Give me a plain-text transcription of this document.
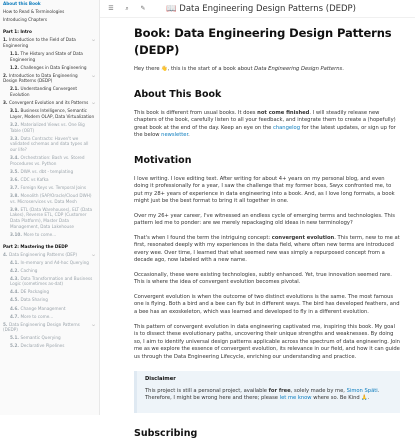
About this Book
How to Read & Terminologies
Introducing Chapters
Part 1: Intro
1. Introduction to the Field of Data Engineering
⌵
1.1. The History and State of Data Engineering
1.2. Challenges in Data Engineering
2. Introduction to Data Engineering Design Patterns (DEDP)
⌵
2.1. Understanding Convergent Evolution
3. Convergent Evolution and its Patterns ⌵
3.1. Business Intelligence, Semantic Layer, Modern OLAP, Data Virtualization
3.2. Materialized Views vs. One Big Table (OBT)
3.3. Data Contracts: Haven't we validated schemas and data types all our life?
3.4. Orchestration: Bash vs. Stored Procedures vs. Python
3.5. DWA vs. dbt - templating
3.6. CDC vs Kafka
3.7. Foreign Keys vs. Temporal Joins
3.8. Monolith (SAP/Oracle/Cloud DWH) vs. Microservices vs. Data Mesh
3.9. ETL (Data Warehouses), ELT (Data Lakes), Reverse ETL, CDP (Customer Data Platform), Master Data Management, Data Lakehouse
3.10. More to come...
Part 2: Mastering the DEDP
4. Data Engineering Patterns (DEP)	⌵
4.1. In-memory and Ad-hoc Querying
4.2. Caching
4.3. Data Transformation and Business Logic (sometimes as-dat)
4.4. DE Packaging
4.5. Data Sharing
4.6. Change Management
4.7. More to come...
5. Data Engineering Design Patterns (DEDP)
⌵
5.1. Semantic Querying
5.2. Declarative Pipelines
☰	⌕	✎	📖 Data Engineering Design Patterns (DEDP)
Book: Data Engineering Design Patterns (DEDP)

Hey there 👋, this is the start of a book about Data Engineering Design Patterns.

About This Book

This book is different from usual books. It does not come finished. I will steadily release new chapters of the book, carefully listen to all your feedback, and integrate them to create a (hopefully) great book at the end of the day. Keep an eye on the changelog for the latest updates, or sign up for the below newsletter.

Motivation

I love writing. I love editing text. After writing for about 4+ years on my personal blog, and even doing it professionally for a year, I saw the challenge that my former boss, Swyx confronted me, to put my 28+ years of experience in data engineering into a book. And, as I love long formats, a book might just be the best format to bring it all together in one.

Over my 26+ year career, I've witnessed an endless cycle of emerging terms and technologies. This pattern led me to ponder: are we merely repackaging old ideas in new terminology?

That's when I found the term the intriguing concept: convergent evolution. This term, new to me at first, resonated deeply with my experiences in the data field, where often new terms are introduced every wee. Over time, I learned that what seemed new was simply a repurposed concept from a decade ago, now labeled with a new name.

Occasionally, these were existing technologies, subtly enhanced. Yet, true innovation seemed rare. This is where the idea of convergent evolution becomes pivotal.

Convergent evolution is when the outcome of two distinct evolutions is the same. The most famous one is flying. Both a bird and a bee can fly but in different ways. The bird has developed feathers, and a bee has an exoskeleton, which was learned and developed to fly in a different evolution.

This pattern of convergent evolution in data engineering captivated me, inspiring this book. My goal is to dissect these evolutionary paths, uncovering their unique strengths and weaknesses. By doing so, I aim to identify universal design patterns applicable across the spectrum of data engineering. Join me as we explore the essence of convergent evolution, its relevance in our field, and how it can guide us through the Data Engineering Lifecycle, enriching our understanding and practice.

Disclaimer

This project is still a personal project, available for free, solely made by me, Simon Späti. Therefore, I might be wrong here and there; please let me know where so. Be Kind 🙏.

Subscribing
